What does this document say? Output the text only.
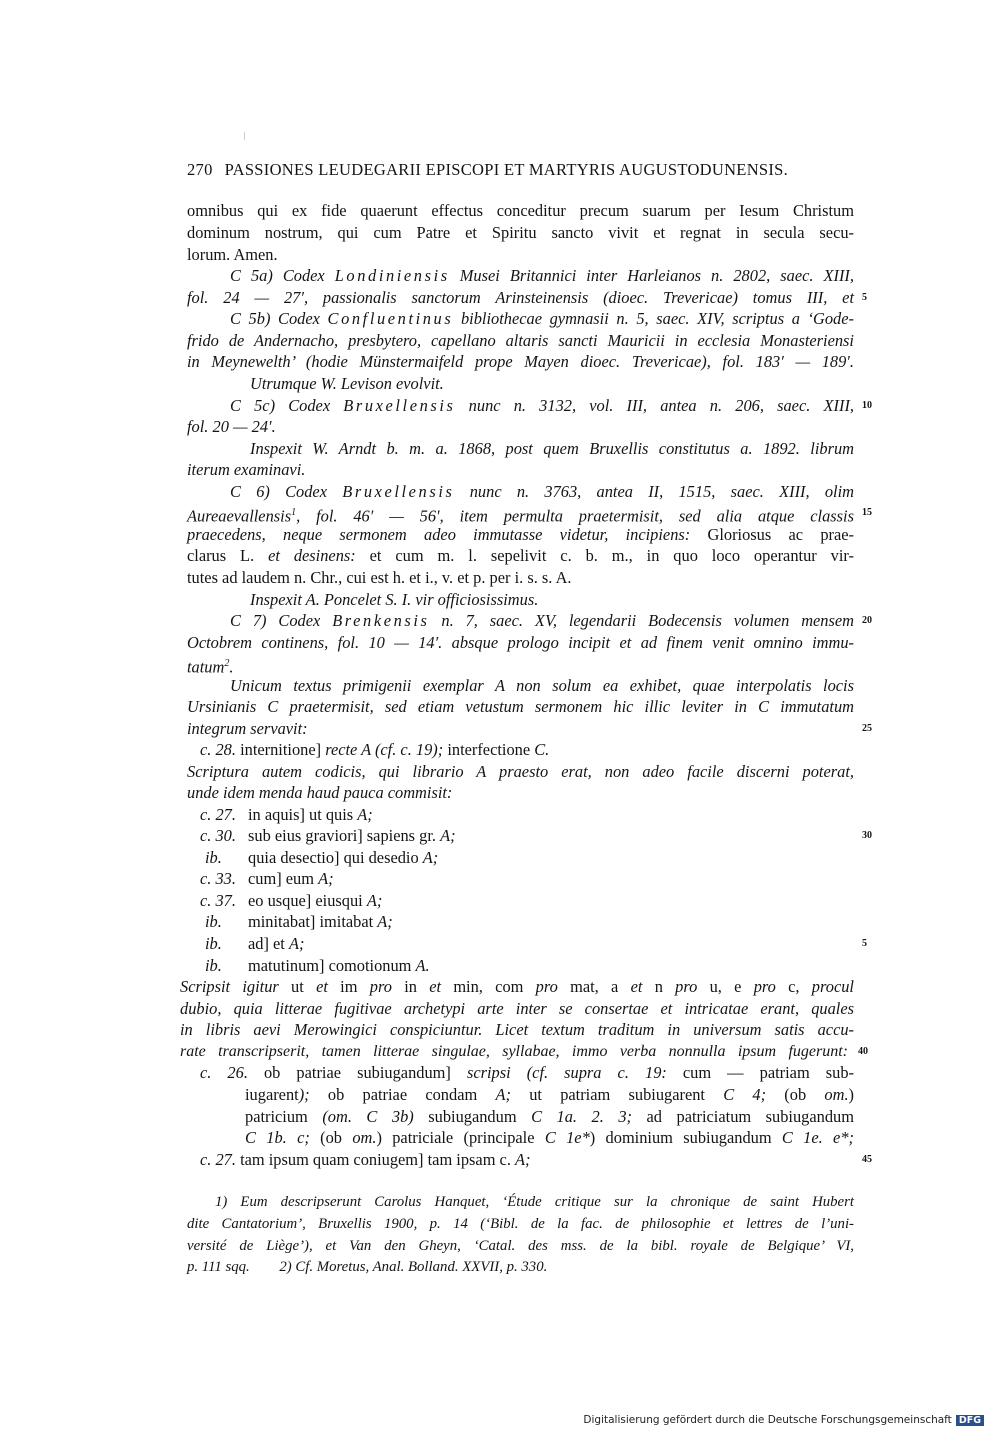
270 PASSIONES LEUDEGARII EPISCOPI ET MARTYRIS AUGUSTODUNENSIS.
omnibus qui ex fide quaerunt effectus conceditur precum suarum per Iesum Christum
dominum nostrum, qui cum Patre et Spiritu sancto vivit et regnat in secula secu-
lorum. Amen.
C 5a) Codex Londiniensis Musei Britannici inter Harleianos n. 2802, saec. XIII,
fol. 24 — 27′, passionalis sanctorum Arinsteinensis (dioec. Trevericae) tomus III, et 5
C 5b) Codex Confluentinus bibliothecae gymnasii n. 5, saec. XIV, scriptus a ‘Gode-
frido de Andernacho, presbytero, capellano altaris sancti Mauricii in ecclesia Monasteriensi
in Meynewelth’ (hodie Münstermaifeld prope Mayen dioec. Trevericae), fol. 183′ — 189′.
Utrumque W. Levison evolvit.
C 5c) Codex Bruxellensis nunc n. 3132, vol. III, antea n. 206, saec. XIII, 10
fol. 20 — 24′.
Inspexit W. Arndt b. m. a. 1868, post quem Bruxellis constitutus a. 1892. librum
iterum examinavi.
C 6) Codex Bruxellensis nunc n. 3763, antea II, 1515, saec. XIII, olim
Aureaevallensis$^1$, fol. 46′ — 56′, item permulta praetermisit, sed alia atque classis 15
praecedens, neque sermonem adeo immutasse videtur, incipiens: Gloriosus ac prae-
clarus L. et desinens: et cum m. l. sepelivit c. b. m., in quo loco operantur vir-
tutes ad laudem n. Chr., cui est h. et i., v. et p. per i. s. s. A.
Inspexit A. Poncelet S. I. vir officiosissimus.
C 7) Codex Brenkensis n. 7, saec. XV, legendarii Bodecensis volumen mensem 20
Octobrem continens, fol. 10 — 14′. absque prologo incipit et ad finem venit omnino immu-
tatum$^2$.
Unicum textus primigenii exemplar A non solum ea exhibet, quae interpolatis locis
Ursinianis C praetermisit, sed etiam vetustum sermonem hic illic leviter in C immutatum
integrum servavit:	25
c. 28. internitione] recte A (cf. c. 19); interfectione C.
Scriptura autem codicis, qui librario A praesto erat, non adeo facile discerni poterat,
unde idem menda haud pauca commisit:
c. 27. in aquis] ut quis A;
c. 30. sub eius graviori] sapiens gr. A;	30
ib. quia desectio] qui desedio A;
c. 33. cum] eum A;
c. 37. eo usque] eiusqui A;
ib. minitabat] imitabat A;
ib. ad] et A;	5
ib. matutinum] comotionum A.
Scripsit igitur ut et im pro in et min, com pro mat, a et n pro u, e pro c, procul
dubio, quia litterae fugitivae archetypi arte inter se consertae et intricatae erant, quales
in libris aevi Merowingici conspiciuntur. Licet textum traditum in universum satis accu-
rate transcripserit, tamen litterae singulae, syllabae, immo verba nonnulla ipsum fugerunt: 40
c. 26. ob patriae subiugandum] scripsi (cf. supra c. 19: cum — patriam sub-
iugarent); ob patriae condam A; ut patriam subiugarent C 4; (ob om.)
patricium (om. C 3b) subiugandum C 1a. 2. 3; ad patriciatum subiugandum
C 1b. c; (ob om.) patriciale (principale C 1e*) dominium subiugandum C 1e. e*;
c. 27. tam ipsum quam coniugem] tam ipsam c. A;	45
1) Eum descripserunt Carolus Hanquet, ‘Étude critique sur la chronique de saint Hubert
dite Cantatorium’, Bruxellis 1900, p. 14 (‘Bibl. de la fac. de philosophie et lettres de l’uni-
versité de Liège’), et Van den Gheyn, ‘Catal. des mss. de la bibl. royale de Belgique’ VI,
p. 111 sqq.        2) Cf. Moretus, Anal. Bolland. XXVII, p. 330.
Digitalisierung gefördert durch die Deutsche Forschungsgemeinschaft DFG
